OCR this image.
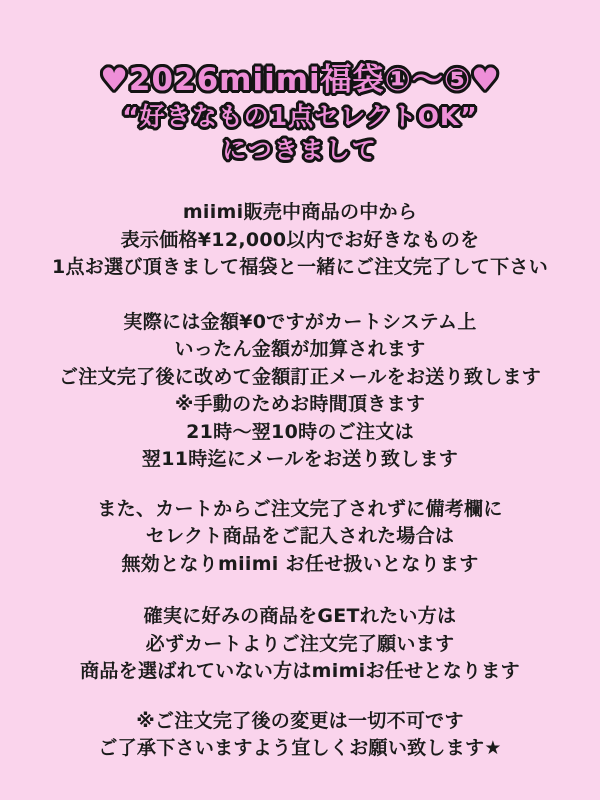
♥2026miimi福袋①〜⑤♥
“好きなもの1点セレクトOK”
につきまして
miimi販売中商品の中から
表示価格¥12,000以内でお好きなものを
1点お選び頂きまして福袋と一緒にご注文完了して下さい
実際には金額¥0ですがカートシステム上
いったん金額が加算されます
ご注文完了後に改めて金額訂正メールをお送り致します
※手動のためお時間頂きます
21時〜翌10時のご注文は
翌11時迄にメールをお送り致します
また、カートからご注文完了されずに備考欄に
セレクト商品をご記入された場合は
無効となりmiimi お任せ扱いとなります
確実に好みの商品をGETれたい方は
必ずカートよりご注文完了願います
商品を選ばれていない方はmimiお任せとなります
※ご注文完了後の変更は一切不可です
ご了承下さいますよう宜しくお願い致します★
